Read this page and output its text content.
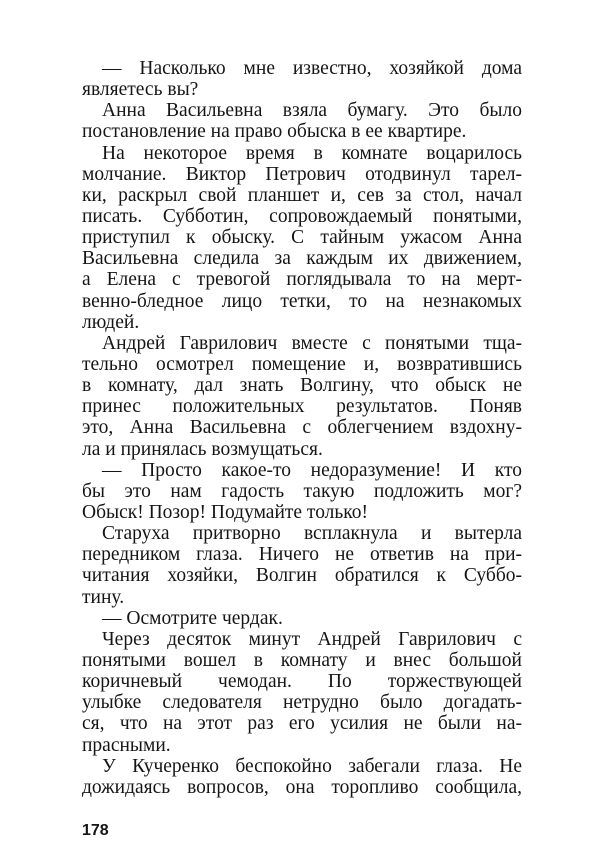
— Насколько мне известно, хозяйкой дома
являетесь вы?
Анна Васильевна взяла бумагу. Это было
постановление на право обыска в ее квартире.
На некоторое время в комнате воцарилось
молчание. Виктор Петрович отодвинул тарел-
ки, раскрыл свой планшет и, сев за стол, начал
писать. Субботин, сопровождаемый понятыми,
приступил к обыску. С тайным ужасом Анна
Васильевна следила за каждым их движением,
а Елена с тревогой поглядывала то на мерт-
венно-бледное лицо тетки, то на незнакомых
людей.
Андрей Гаврилович вместе с понятыми тща-
тельно осмотрел помещение и, возвратившись
в комнату, дал знать Волгину, что обыск не
принес положительных результатов. Поняв
это, Анна Васильевна с облегчением вздохну-
ла и принялась возмущаться.
— Просто какое-то недоразумение! И кто
бы это нам гадость такую подложить мог?
Обыск! Позор! Подумайте только!
Старуха притворно всплакнула и вытерла
передником глаза. Ничего не ответив на при-
читания хозяйки, Волгин обратился к Суббо-
тину.
— Осмотрите чердак.
Через десяток минут Андрей Гаврилович с
понятыми вошел в комнату и внес большой
коричневый чемодан. По торжествующей
улыбке следователя нетрудно было догадать-
ся, что на этот раз его усилия не были на-
прасными.
У Кучеренко беспокойно забегали глаза. Не
дожидаясь вопросов, она торопливо сообщила,
178
